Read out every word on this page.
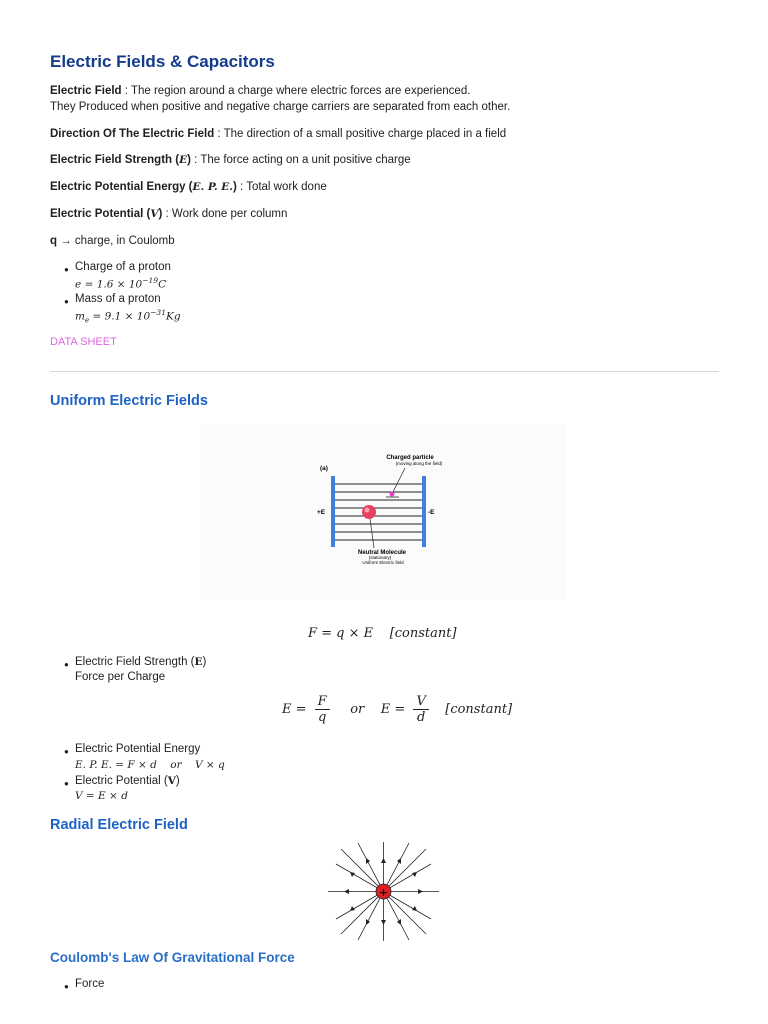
Electric Fields & Capacitors
Electric Field : The region around a charge where electric forces are experienced.
They Produced when positive and negative charge carriers are separated from each other.
Direction Of The Electric Field : The direction of a small positive charge placed in a field
Electric Field Strength (E) : The force acting on a unit positive charge
Electric Potential Energy (E. P. E.) : Total work done
Electric Potential (V) : Work done per column
q → charge, in Coulomb
● Charge of a proton
$e = 1.6 \times 10^{-19}C$
● Mass of a proton
$m_e = 9.1 \times 10^{-31}Kg$
DATA SHEET
Uniform Electric Fields
(a)
+E	-E
Charged particle
(moving along the field)
Neutral Molecule
(stationary)
Uniform Electric field
F = q × E [constant]
● Electric Field Strength (E)
Force per Charge
$E = \frac{F}{q}$ or $E = \frac{V}{d}$ [constant]
● Electric Potential Energy
E. P. E. = F × d    or    V × q
● Electric Potential (V)
V = E × d
Radial Electric Field
+
Coulomb's Law Of Gravitational Force
● Force
